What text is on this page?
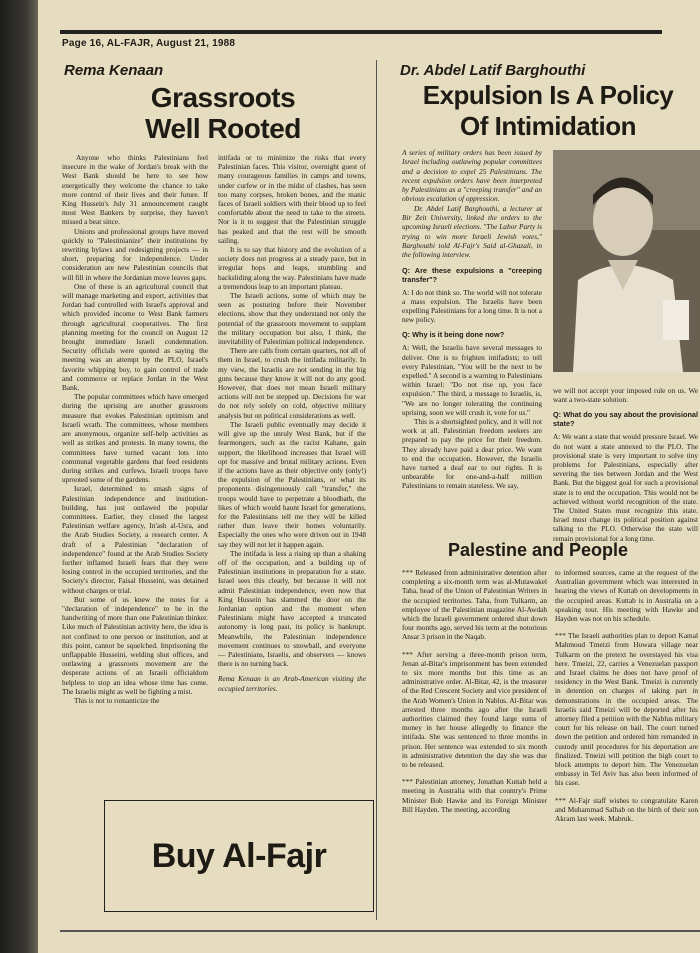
Page 16, AL-FAJR, August 21, 1988
Rema Kenaan
Grassroots
Well Rooted

Anyone who thinks Palestinians feel insecure in the wake of Jordan's break with the West Bank should be here to see how energetically they welcome the chance to take more control of their lives and their future. If King Hussein's July 31 announcement caught most West Bankers by surprise, they haven't missed a beat since.

Unions and professional groups have moved quickly to "Palestinianize" their institutions by rewriting bylaws and redesigning projects — in short, preparing for independence. Under consideration are new Palestinian councils that will fill in where the Jordanian move leaves gaps.

One of these is an agricultural council that will manage marketing and export, activities that Jordan had controlled with Israel's approval and which provided income to West Bank farmers through agricultural cooperatives. The first planning meeting for the council on August 12 brought immediate Israeli condemnation. Security officials were quoted as saying the meeting was an attempt by the PLO, Israel's favorite whipping boy, to gain control of trade and commerce or replace Jordan in the West Bank.

The popular committees which have emerged during the uprising are another grassroots measure that evokes Palestinian optimism and Israeli wrath. The committees, whose members are anonymous, organize self-help activities as well as strikes and protests. In many towns, the committees have turned vacant lots into communal vegetable gardens that feed residents during strikes and curfews. Israeli troops have uprooted some of the gardens.

Israel, determined to smash signs of Palestinian independence and institution-building, has just outlawed the popular committees. Earlier, they closed the largest Palestinian welfare agency, In'ash al-Usra, and the Arab Studies Society, a research center. A draft of a Palestinian "declaration of independence" found at the Arab Studies Society further inflamed Israeli fears that they were losing control in the occupied territories, and the Society's director, Faisal Husseini, was detained without charges or trial.

But some of us knew the notes for a "declaration of independence" to be in the handwriting of more than one Palestinian thinker. Like much of Palestinian activity here, the idea is not confined to one person or institution, and at this point, cannot be squelched. Imprisoning the unflappable Husseini, welding shut offices, and outlawing a grassroots movement are the desperate actions of an Israeli officialdom helpless to stop an idea whose time has come. The Israelis might as well be fighting a mist.

This is not to romanticize the

intifada or to minimize the risks that every Palestinian faces. This visitor, overnight guest of many courageous families in camps and towns, under curfew or in the midst of clashes, has seen too many corpses, broken bones, and the manic faces of Israeli soldiers with their blood up to feel comfortable about the need to take to the streets. Nor is it to suggest that the Palestinian struggle has peaked and that the rest will be smooth sailing.

It is to say that history and the evolution of a society does not progress at a steady pace, but in irregular hops and leaps, stumbling and backsliding along the way. Palestinians have made a tremendous leap to an important plateau.

The Israeli actions, some of which may be seen as posturing before their November elections, show that they understand not only the potential of the grassroots movement to supplant the military occupation but also, I think, the inevitability of Palestinian political independence.

There are calls from certain quarters, not all of them in Israel, to crush the intifada militarily. In my view, the Israelis are not sending in the big guns because they know it will not do any good. However, that does not mean Israeli military actions will not be stepped up. Decisions for war do not rely solely on cold, objective military analysis but on political considerations as well.

The Israeli public eventually may decide it will give up the unruly West Bank, but if the fearmongers, such as the racist Kahane, gain support, the likelihood increases that Israel will opt for massive and brutal military actions. Even if the actions have as their objective only (only!) the expulsion of the Palestinians, or what its proponents disingenuously call "transfer," the troops would have to perpetrate a bloodbath, the likes of which would haunt Israel for generations, for the Palestinians tell me they will be killed rather than leave their homes voluntarily. Especially the ones who were driven out in 1948 say they will not let it happen again.

The intifada is less a rising up than a shaking off of the occupation, and a building up of Palestinian institutions in preparation for a state. Israel sees this clearly, but because it will not admit Palestinian independence, even now that King Hussein has slammed the door on the Jordanian option and the moment when Palestinians might have accepted a truncated autonomy is long past, its policy is bankrupt. Meanwhile, the Palestinian independence movement continues to snowball, and everyone — Palestinians, Israelis, and observers — knows there is no turning back.

Rema Kenaan is an Arab-American visiting the occupied territories.

Buy Al-Fajr
Dr. Abdel Latif Barghouthi
Expulsion Is A Policy
Of Intimidation

A series of military orders has been issued by Israel including outlawing popular committees and a decision to expel 25 Palestinians. The recent expulsion orders have been interpreted by Palestinians as a "creeping transfer" and an obvious escalation of oppression.

Dr. Abdel Latif Barghouthi, a lecturer at Bir Zeit University, linked the orders to the upcoming Israeli elections. "The Labor Party is trying to win more Israeli Jewish votes," Barghouthi told Al-Fajr's Said al-Ghazali, in the following interview.

Q: Are these expulsions a "creeping transfer"?

A: I do not think so. The world will not tolerate a mass expulsion. The Israelis have been expelling Palestinians for a long time. It is not a new policy.

Q: Why is it being done now?

A: Well, the Israelis have several messages to deliver. One is to frighten intifadists; to tell every Palestinian, "You will be the next to be expelled." A second is a warning to Palestinians within Israel: "Do not rise up, you face expulsion." The third, a message to Israelis, is, "We are no longer tolerating the continuing uprising, soon we will crush it, vote for us."

This is a shortsighted policy, and it will not work at all. Palestinian freedom seekers are prepared to pay the price for their freedom. They already have paid a dear price. We want to end the occupation. However, the Israelis have turned a deaf ear to our rights. It is unbearable for one-and-a-half million Palestinians to remain stateless. We say,

we will not accept your imposed rule on us. We want a two-state solution.

Q: What do you say about the provisional state?

A: We want a state that would pressure Israel. We do not want a state annexed to the PLO. The provisional state is very important to solve tiny problems for Palestinians, especially after severing the ties between Jordan and the West Bank. But the biggest goal for such a provisional state is to end the occupation. This would not be achieved without world recognition of the state. The United States must recognize this state. Israel must change its political position against talking to the PLO. Otherwise the state will remain provisional for a long time.

Palestine and People

*** Released from administrative detention after completing a six-month term was al-Mutawakel Taha, head of the Union of Palestinian Writers in the occupied territories. Taha, from Tulkarm, an employee of the Palestinian magazine Al-Awdah which the Israeli government ordered shut down four months ago, served his term at the notorious Ansar 3 prison in the Naqab.

*** After serving a three-month prison term, Jenan al-Bitar's imprisonment has been extended to six more months but this time as an administrative order. Al-Bitar, 42, is the treasurer of the Red Crescent Society and vice president of the Arab Women's Union in Nablus. Al-Bitar was arrested three months ago after the Israeli authorities claimed they found large sums of money in her house allegedly to finance the intifada. She was sentenced to three months in prison. Her sentence was extended to six month in administrative detention the day she was due to be released.

*** Palestinian attorney, Jonathan Kuttab held a meeting in Australia with that country's Prime Minister Bob Hawke and its Foreign Minister Bill Hayden. The meeting, according

to informed sources, came at the request of the Australian government which was interested in hearing the views of Kuttab on developments in the occupied areas. Kuttab is in Australia on a speaking tour. His meeting with Hawke and Hayden was not on his schedule.

*** The Israeli authorities plan to deport Kamal Mahmoud Tmeizi from Huwara village near Tulkarm on the pretext he overstayed his visa here. Tmeizi, 22, carries a Venezuelan passport and Israel claims he does not have proof of residency in the West Bank. Tmeizi is currently in detention on charges of taking part in demonstrations in the occupied areas. The Israelis said Tmeizi will be deported after his attorney filed a petition with the Nablus military court for his release on bail. The court turned down the petition and ordered him remanded in custody until procedures for his deportation are finalized. Tmeizi will petition the high court to block attempts to deport him. The Venezuelan embassy in Tel Aviv has also been informed of his case.

*** Al-Fajr staff wishes to congratulate Karen and Muhammad Salhab on the birth of their son Akram last week. Mabruk.
